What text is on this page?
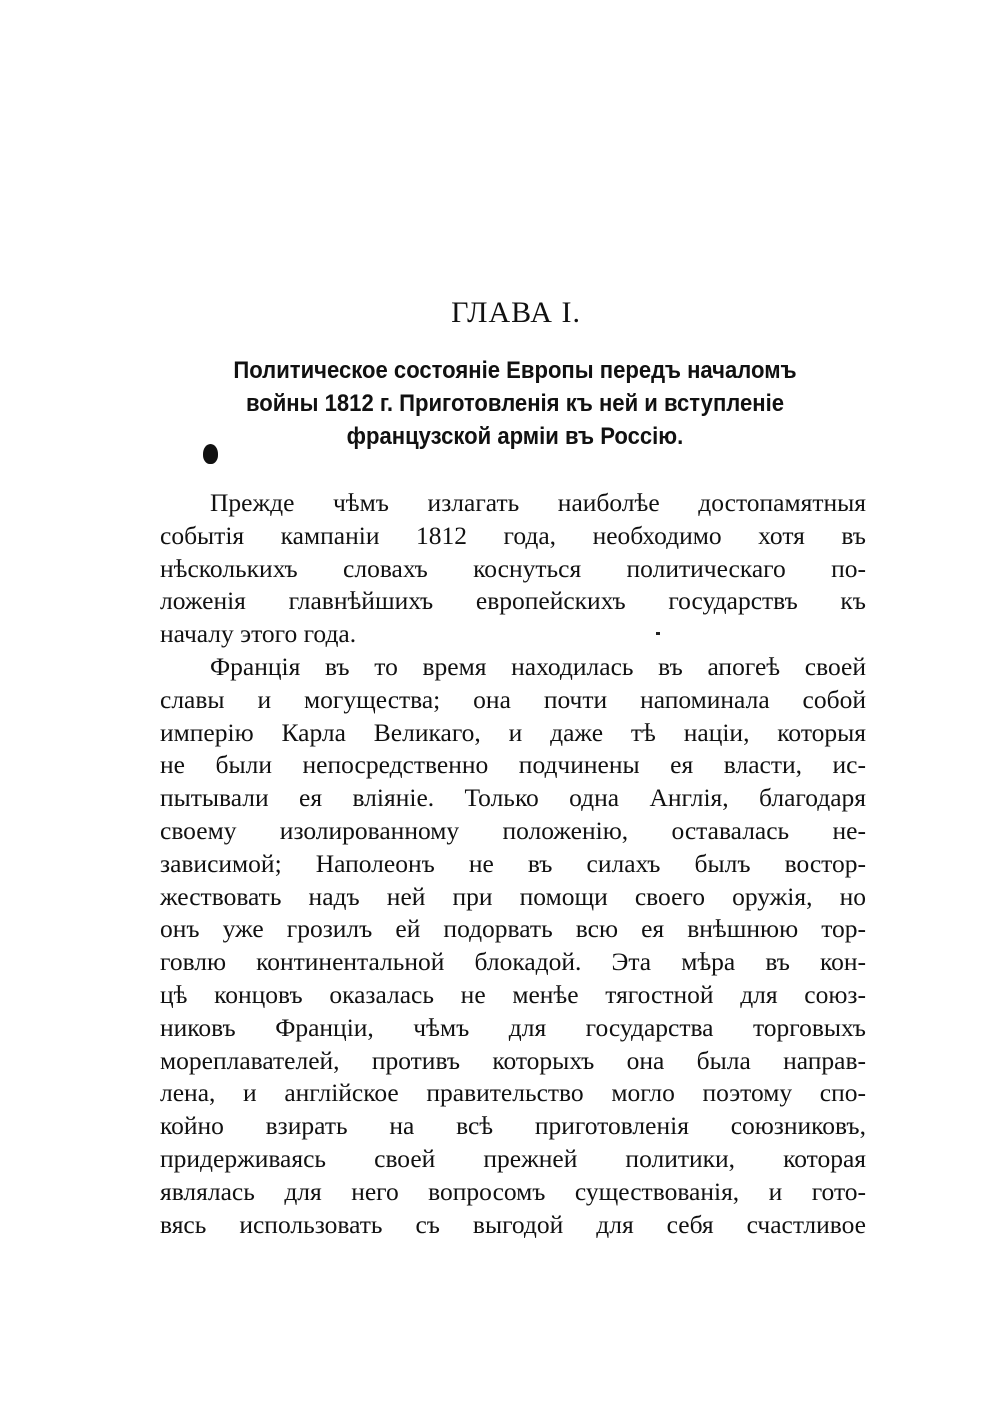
ГЛАВА I.
Политическое состоянiе Европы передъ началомъ
войны 1812 г. Приготовленiя къ ней и вступленiе
французской армiи въ Россiю.
Прежде чѣмъ излагать наиболѣе достопамятныя
событiя кампанiи 1812 года, необходимо хотя въ
нѣсколькихъ словахъ коснуться политическаго по-
ложенiя главнѣйшихъ европейскихъ государствъ къ
началу этого года.
Францiя въ то время находилась въ апогеѣ своей
славы и могущества; она почти напоминала собой
имперiю Карла Великаго, и даже тѣ нацiи, которыя
не были непосредственно подчинены ея власти, ис-
пытывали ея влiянiе. Только одна Англiя, благодаря
своему изолированному положенiю, оставалась не-
зависимой; Наполеонъ не въ силахъ былъ востор-
жествовать надъ ней при помощи своего оружiя, но
онъ уже грозилъ ей подорвать всю ея внѣшнюю тор-
говлю континентальной блокадой. Эта мѣра въ кон-
цѣ концовъ оказалась не менѣе тягостной для союз-
никовъ Францiи, чѣмъ для государства торговыхъ
мореплавателей, противъ которыхъ она была направ-
лена, и англiйское правительство могло поэтому спо-
койно взирать на всѣ приготовленiя союзниковъ,
придерживаясь своей прежней политики, которая
являлась для него вопросомъ существованiя, и гото-
вясь использовать съ выгодой для себя счастливое
